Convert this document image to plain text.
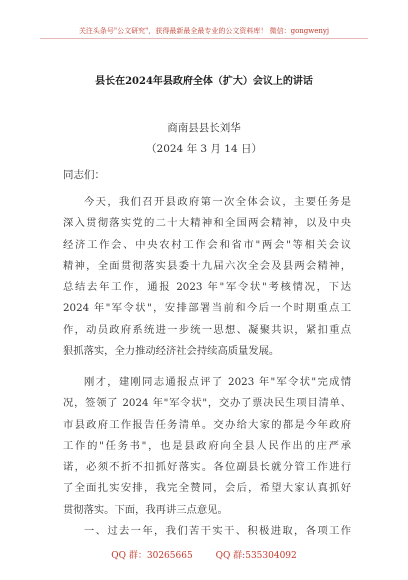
关注头条号"公文研究"，获得最新最全最专业的公文资料库！ 微信：gongwenyj
县长在2024年县政府全体（扩大）会议上的讲话
商南县县长刘华
（2024 年 3 月 14 日）
同志们：
今天，我们召开县政府第一次全体会议，主要任务是
深入贯彻落实党的二十大精神和全国两会精神，以及中央
经济工作会、中央农村工作会和省市"两会"等相关会议
精神，全面贯彻落实县委十九届六次全会及县两会精神，
总结去年工作，通报 2023 年"军令状"考核情况，下达
2024 年"军令状"，安排部署当前和今后一个时期重点工
作，动员政府系统进一步统一思想、凝聚共识，紧扣重点
狠抓落实，全力推动经济社会持续高质量发展。
刚才，建刚同志通报点评了 2023 年"军令状"完成情
况，签领了 2024 年"军令状"，交办了票决民生项目清单、
市县政府工作报告任务清单。交办给大家的都是今年政府
工作的"任务书"，也是县政府向全县人民作出的庄严承
诺，必须不折不扣抓好落实。各位副县长就分管工作进行
了全面扎实安排，我完全赞同，会后，希望大家认真抓好
贯彻落实。下面，我再讲三点意见。
一、过去一年，我们苦干实干、积极进取，各项工作
QQ 群：30265665	QQ 群:535304092
